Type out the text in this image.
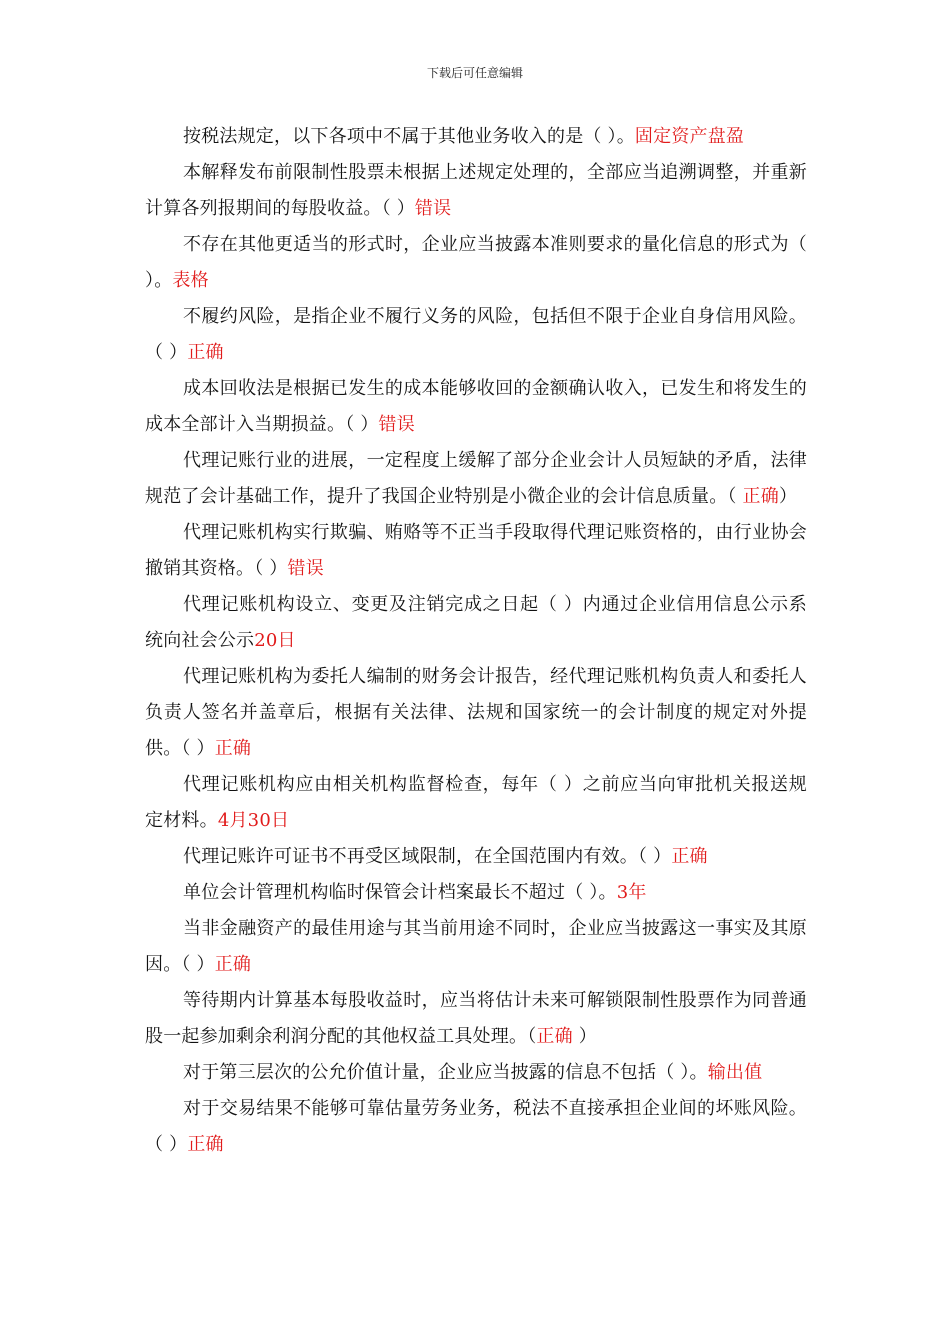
下载后可任意编辑

按税法规定，以下各项中不属于其他业务收入的是（ ）。固定资产盘盈

本解释发布前限制性股票未根据上述规定处理的，全部应当追溯调整，并重新计算各列报期间的每股收益。（ ）错误

不存在其他更适当的形式时，企业应当披露本准则要求的量化信息的形式为（ ）。表格

不履约风险，是指企业不履行义务的风险，包括但不限于企业自身信用风险。（ ）正确

成本回收法是根据已发生的成本能够收回的金额确认收入，已发生和将发生的成本全部计入当期损益。（ ）错误

代理记账行业的进展，一定程度上缓解了部分企业会计人员短缺的矛盾，法律规范了会计基础工作，提升了我国企业特别是小微企业的会计信息质量。（ 正确）

代理记账机构实行欺骗、贿赂等不正当手段取得代理记账资格的，由行业协会撤销其资格。（ ）错误

代理记账机构设立、变更及注销完成之日起（ ）内通过企业信用信息公示系统向社会公示20日

代理记账机构为委托人编制的财务会计报告，经代理记账机构负责人和委托人负责人签名并盖章后，根据有关法律、法规和国家统一的会计制度的规定对外提供。（ ）正确

代理记账机构应由相关机构监督检查，每年（ ）之前应当向审批机关报送规定材料。4月30日

代理记账许可证书不再受区域限制，在全国范围内有效。（ ）正确

单位会计管理机构临时保管会计档案最长不超过（ ）。3年

当非金融资产的最佳用途与其当前用途不同时，企业应当披露这一事实及其原因。（ ）正确

等待期内计算基本每股收益时，应当将估计未来可解锁限制性股票作为同普通股一起参加剩余利润分配的其他权益工具处理。（正确 ）

对于第三层次的公允价值计量，企业应当披露的信息不包括（ ）。输出值

对于交易结果不能够可靠估量劳务业务，税法不直接承担企业间的坏账风险。（ ）正确
